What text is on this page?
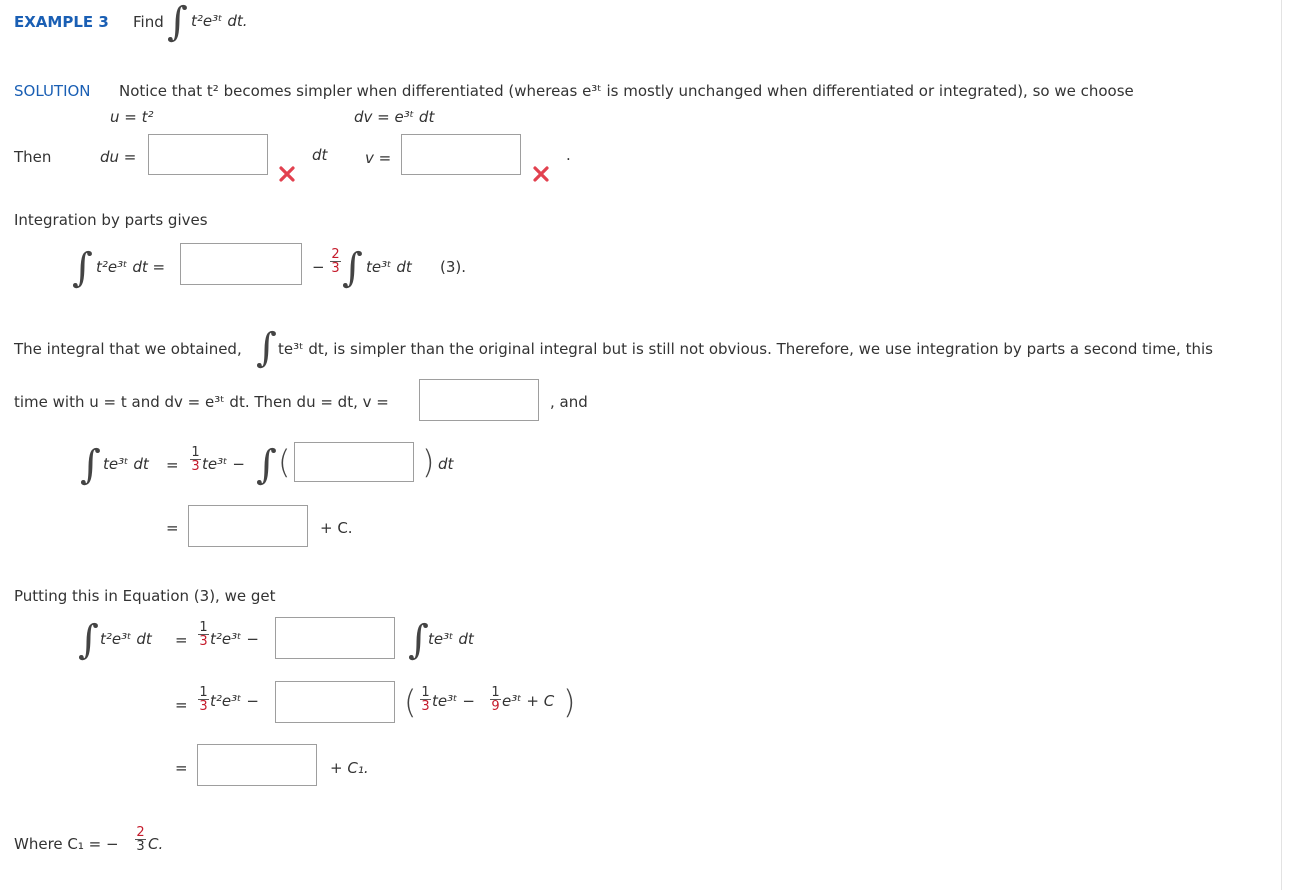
EXAMPLE 3 Find ∫ t²e³ᵗ dt.
SOLUTION Notice that t² becomes simpler when differentiated (whereas e³ᵗ is mostly unchanged when differentiated or integrated), so we choose
u = t²	dv = e³ᵗ dt
Then	du =	dt	v =	.
Integration by parts gives
∫ t²e³ᵗ dt =	− $\frac{2}{3}$ ∫ te³ᵗ dt (3).
The integral that we obtained, ∫ te³ᵗ dt, is simpler than the original integral but is still not obvious. Therefore, we use integration by parts a second time, this
time with u = t and dv = e³ᵗ dt. Then du = dt, v =	, and
∫ te³ᵗ dt = $\frac{1}{3}$ te³ᵗ − ∫ (	) dt
=	+ C.
Putting this in Equation (3), we get
∫ t²e³ᵗ dt = $\frac{1}{3}$ t²e³ᵗ −	∫ te³ᵗ dt
= $\frac{1}{3}$ t²e³ᵗ −	( $\frac{1}{3}$ te³ᵗ − $\frac{1}{9}$ e³ᵗ + C )
=	+ C₁.
Where C₁ = − $\frac{2}{3} C$.
